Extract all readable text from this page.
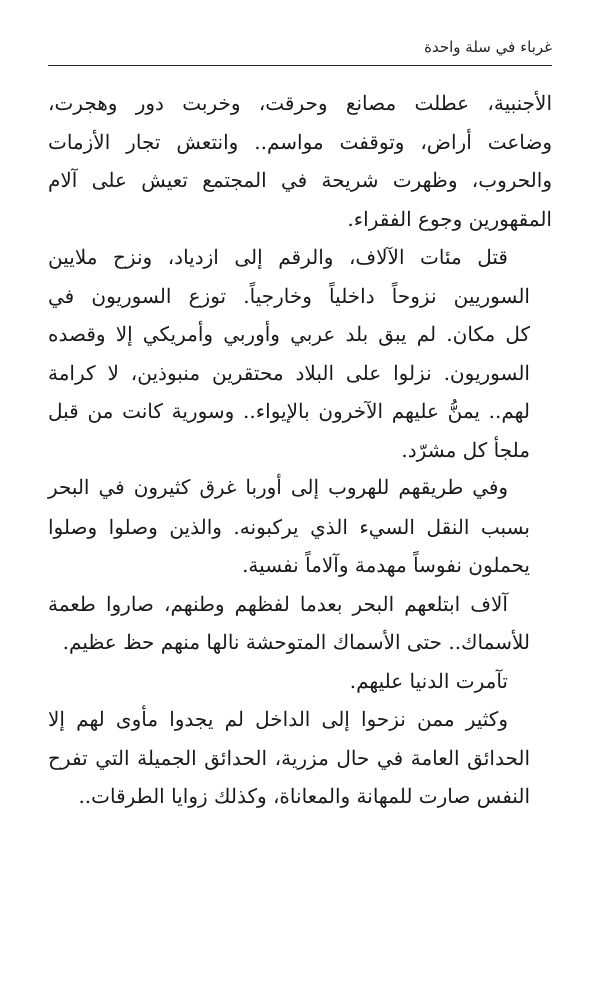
غرباء في سلة واحدة
الأجنبية، عطلت مصانع وحرقت، وخربت دور وهجرت،
وضاعت أراض، وتوقفت مواسم.. وانتعش تجار الأزمات
والحروب، وظهرت شريحة في المجتمع تعيش على آلام
المقهورين وجوع الفقراء.
قتل مئات الآلاف، والرقم إلى ازدياد، ونزح ملايين
السوريين نزوحاً داخلياً وخارجياً. توزع السوريون في
كل مكان. لم يبق بلد عربي وأوربي وأمريكي إلا وقصده
السوريون. نزلوا على البلاد محتقرين منبوذين، لا كرامة
لهم.. يمنُّ عليهم الآخرون بالإيواء.. وسورية كانت من قبل
ملجأ كل مشرّد.
وفي طريقهم للهروب إلى أوربا غرق كثيرون في البحر
بسبب النقل السيء الذي يركبونه. والذين وصلوا وصلوا
يحملون نفوساً مهدمة وآلاماً نفسية.
آلاف ابتلعهم البحر بعدما لفظهم وطنهم، صاروا طعمة
للأسماك.. حتى الأسماك المتوحشة نالها منهم حظ عظيم.
تآمرت الدنيا عليهم.
وكثير ممن نزحوا إلى الداخل لم يجدوا مأوى لهم إلا
الحدائق العامة في حال مزرية، الحدائق الجميلة التي تفرح
النفس صارت للمهانة والمعاناة، وكذلك زوايا الطرقات..
